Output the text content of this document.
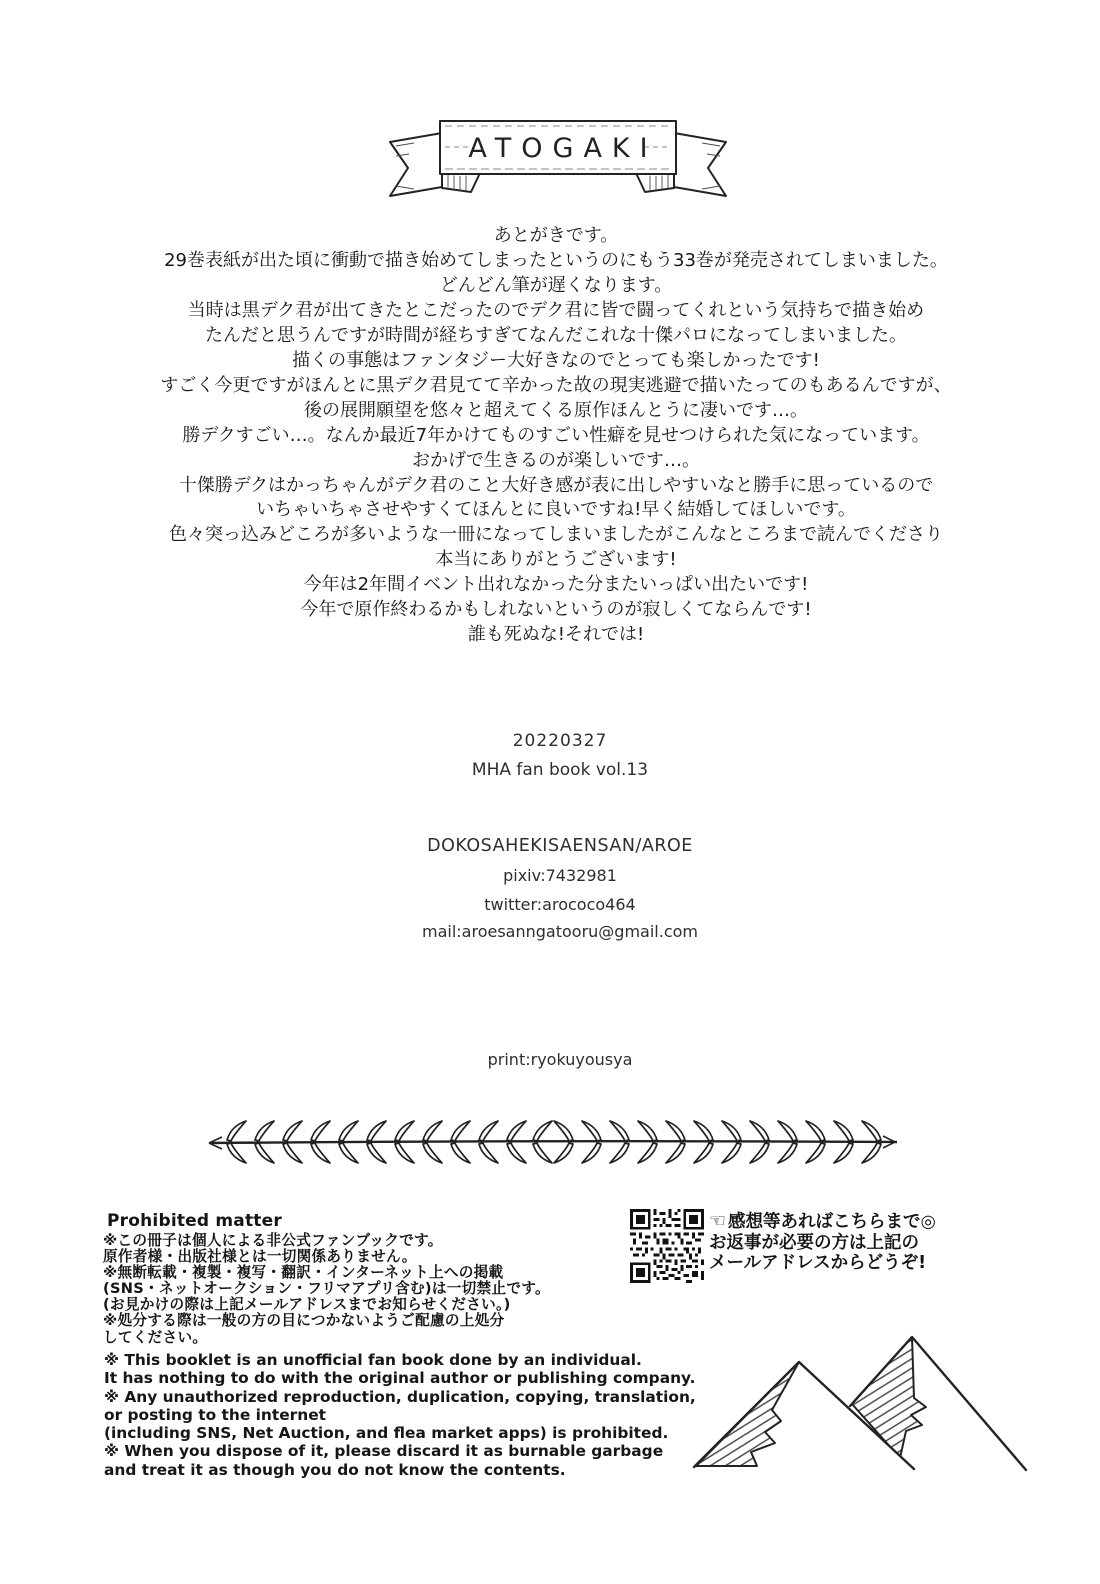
ATOGAKI
あとがきです。
29巻表紙が出た頃に衝動で描き始めてしまったというのにもう33巻が発売されてしまいました。
どんどん筆が遅くなります。
当時は黒デク君が出てきたとこだったのでデク君に皆で闘ってくれという気持ちで描き始め
たんだと思うんですが時間が経ちすぎてなんだこれな十傑パロになってしまいました。
描くの事態はファンタジー大好きなのでとっても楽しかったです!
すごく今更ですがほんとに黒デク君見てて辛かった故の現実逃避で描いたってのもあるんですが、
後の展開願望を悠々と超えてくる原作ほんとうに凄いです…。
勝デクすごい…。なんか最近7年かけてものすごい性癖を見せつけられた気になっています。
おかげで生きるのが楽しいです…。
十傑勝デクはかっちゃんがデク君のこと大好き感が表に出しやすいなと勝手に思っているので
いちゃいちゃさせやすくてほんとに良いですね!早く結婚してほしいです。
色々突っ込みどころが多いような一冊になってしまいましたがこんなところまで読んでくださり
本当にありがとうございます!
今年は2年間イベント出れなかった分またいっぱい出たいです!
今年で原作終わるかもしれないというのが寂しくてならんです!
誰も死ぬな!それでは!
20220327
MHA fan book vol.13
DOKOSAHEKISAENSAN/AROE
pixiv:7432981
twitter:arococo464
mail:aroesanngatooru@gmail.com
print:ryokuyousya
Prohibited matter
※この冊子は個人による非公式ファンブックです。
原作者様・出版社様とは一切関係ありません。
※無断転載・複製・複写・翻訳・インターネット上への掲載
(SNS・ネットオークション・フリマアプリ含む)は一切禁止です。
(お見かけの際は上記メールアドレスまでお知らせください。)
※処分する際は一般の方の目につかないようご配慮の上処分
してください。
※ This booklet is an unofficial fan book done by an individual.
It has nothing to do with the original author or publishing company.
※ Any unauthorized reproduction, duplication, copying, translation,
or posting to the internet
(including SNS, Net Auction, and flea market apps) is prohibited.
※ When you dispose of it, please discard it as burnable garbage
and treat it as though you do not know the contents.
☜ 感想等あればこちらまで◎
お返事が必要の方は上記の
メールアドレスからどうぞ!
